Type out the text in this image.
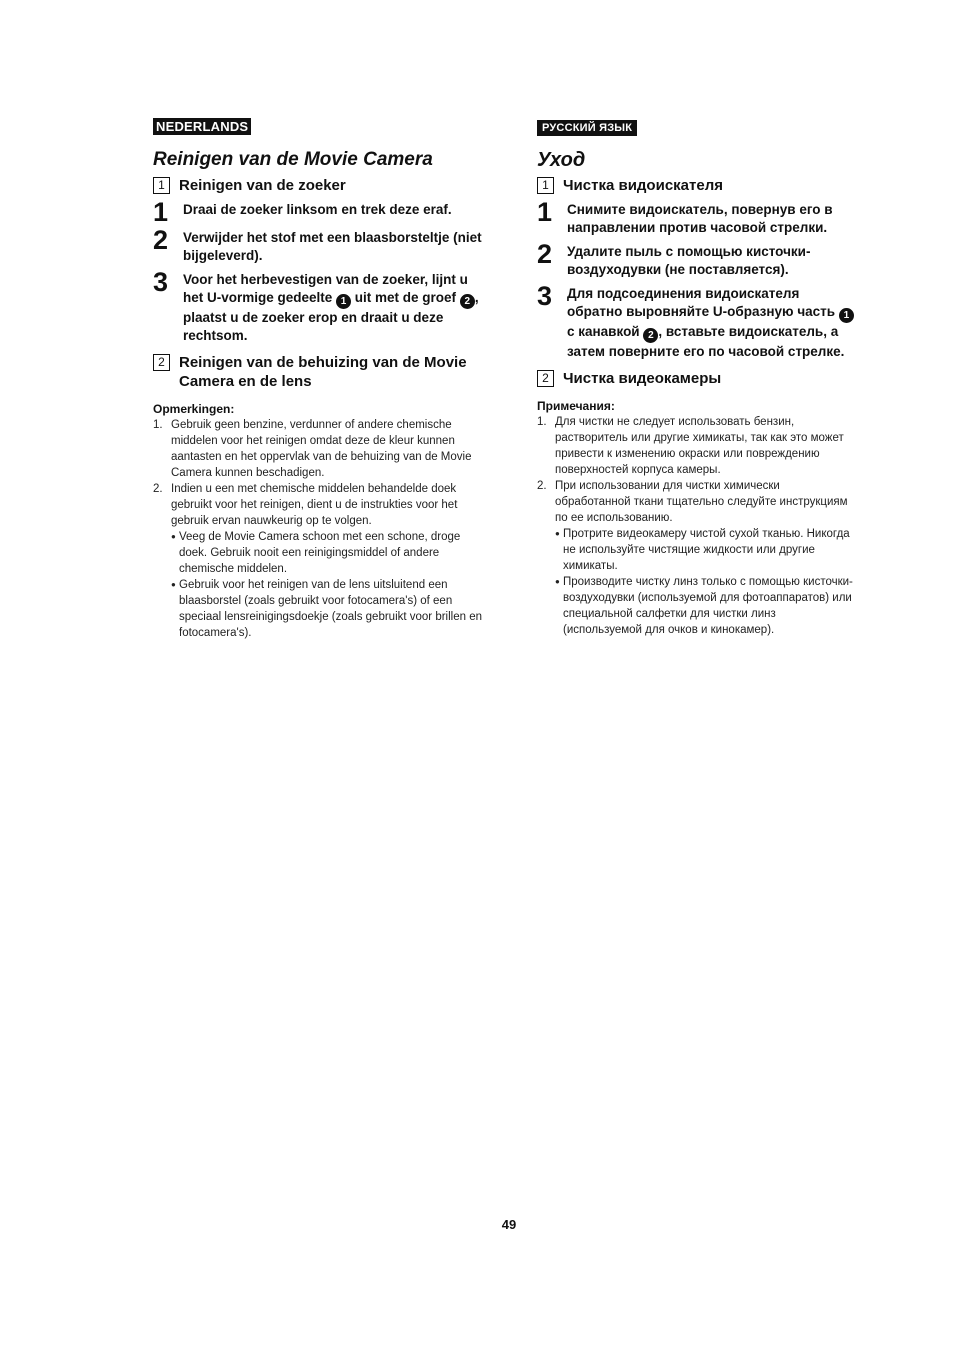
NEDERLANDS
Reinigen van de Movie Camera
1 Reinigen van de zoeker
1	Draai de zoeker linksom en trek deze eraf.
2	Verwijder het stof met een blaasborsteltje (niet bijgeleverd).
3	Voor het herbevestigen van de zoeker, lijnt u het U-vormige gedeelte 1 uit met de groef 2 , plaatst u de zoeker erop en draait u deze rechtsom.
2 Reinigen van de behuizing van de Movie Camera en de lens
Opmerkingen:
1. Gebruik geen benzine, verdunner of andere chemische middelen voor het reinigen omdat deze de kleur kunnen aantasten en het oppervlak van de behuizing van de Movie Camera kunnen beschadigen.
2. Indien u een met chemische middelen behandelde doek gebruikt voor het reinigen, dient u de instrukties voor het gebruik ervan nauwkeurig op te volgen.
● Veeg de Movie Camera schoon met een schone, droge doek. Gebruik nooit een reinigingsmiddel of andere chemische middelen.
● Gebruik voor het reinigen van de lens uitsluitend een blaasborstel (zoals gebruikt voor fotocamera's) of een speciaal lensreinigingsdoekje (zoals gebruikt voor brillen en fotocamera's).
РУССКИЙ ЯЗЫК
Уход
1 Чистка видоискателя
1	Снимите видоискатель, повернув его в направлении против часовой стрелки.
2	Удалите пыль с помощью кисточки-воздуходувки (не поставляется).
3	Для подсоединения видоискателя обратно выровняйте U-образную часть 1 с канавкой 2 , вставьте видоискатель, а затем поверните его по часовой стрелке.
2 Чистка видеокамеры
Примечания:
1. Для чистки не следует использовать бензин, растворитель или другие химикаты, так как это может привести к изменению окраски или повреждению поверхностей корпуса камеры.
2. При использовании для чистки химически обработанной ткани тщательно следуйте инструкциям по ее использованию.
● Протрите видеокамеру чистой сухой тканью. Никогда не используйте чистящие жидкости или другие химикаты.
● Производите чистку линз только с помощью кисточки-воздуходувки (используемой для фотоаппаратов) или специальной салфетки для чистки линз (используемой для очков и кинокамер).
49
